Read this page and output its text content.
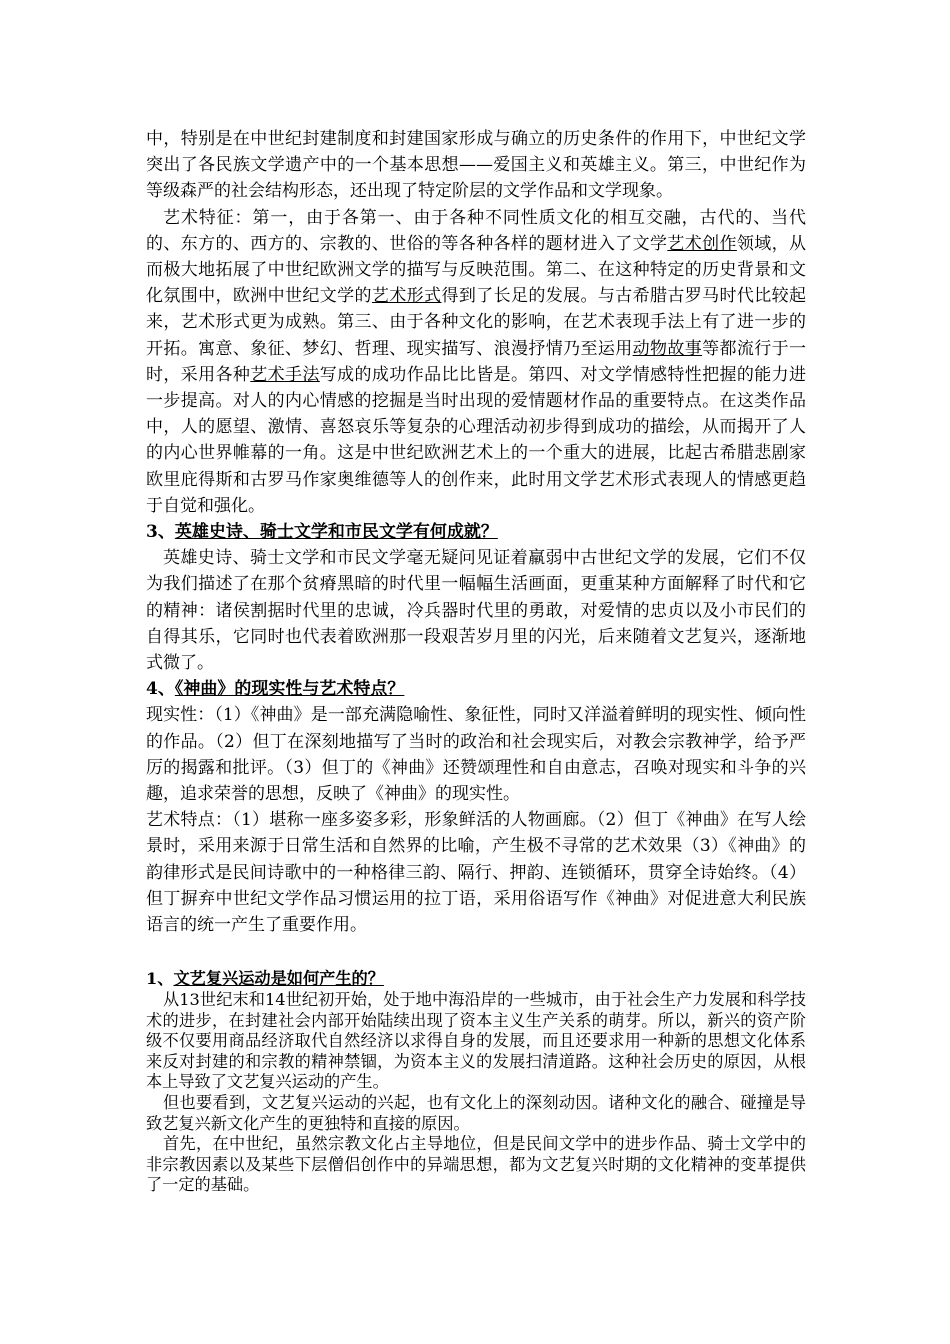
中，特别是在中世纪封建制度和封建国家形成与确立的历史条件的作用下，中世纪文学突出了各民族文学遗产中的一个基本思想——爱国主义和英雄主义。第三，中世纪作为等级森严的社会结构形态，还出现了特定阶层的文学作品和文学现象。

艺术特征：第一，由于各第一、由于各种不同性质文化的相互交融，古代的、当代的、东方的、西方的、宗教的、世俗的等各种各样的题材进入了文学艺术创作领域，从而极大地拓展了中世纪欧洲文学的描写与反映范围。第二、在这种特定的历史背景和文化氛围中，欧洲中世纪文学的艺术形式得到了长足的发展。与古希腊古罗马时代比较起来，艺术形式更为成熟。第三、由于各种文化的影响，在艺术表现手法上有了进一步的开拓。寓意、象征、梦幻、哲理、现实描写、浪漫抒情乃至运用动物故事等都流行于一时，采用各种艺术手法写成的成功作品比比皆是。第四、对文学情感特性把握的能力进一步提高。对人的内心情感的挖掘是当时出现的爱情题材作品的重要特点。在这类作品中，人的愿望、激情、喜怒哀乐等复杂的心理活动初步得到成功的描绘，从而揭开了人的内心世界帷幕的一角。这是中世纪欧洲艺术上的一个重大的进展，比起古希腊悲剧家欧里庇得斯和古罗马作家奥维德等人的创作来，此时用文学艺术形式表现人的情感更趋于自觉和强化。

3、英雄史诗、骑士文学和市民文学有何成就？

英雄史诗、骑士文学和市民文学毫无疑问见证着羸弱中古世纪文学的发展，它们不仅为我们描述了在那个贫瘠黑暗的时代里一幅幅生活画面，更重某种方面解释了时代和它的精神：诸侯割据时代里的忠诚，冷兵器时代里的勇敢，对爱情的忠贞以及小市民们的自得其乐，它同时也代表着欧洲那一段艰苦岁月里的闪光，后来随着文艺复兴，逐渐地式微了。

4、《神曲》的现实性与艺术特点？

现实性：（1）《神曲》是一部充满隐喻性、象征性，同时又洋溢着鲜明的现实性、倾向性的作品。（2）但丁在深刻地描写了当时的政治和社会现实后，对教会宗教神学，给予严厉的揭露和批评。（3）但丁的《神曲》还赞颂理性和自由意志，召唤对现实和斗争的兴趣，追求荣誉的思想，反映了《神曲》的现实性。

艺术特点：（1）堪称一座多姿多彩，形象鲜活的人物画廊。（2）但丁《神曲》在写人绘景时，采用来源于日常生活和自然界的比喻，产生极不寻常的艺术效果（3）《神曲》的韵律形式是民间诗歌中的一种格律三韵、隔行、押韵、连锁循环，贯穿全诗始终。（4）但丁摒弃中世纪文学作品习惯运用的拉丁语，采用俗语写作《神曲》对促进意大利民族语言的统一产生了重要作用。

1、文艺复兴运动是如何产生的？

从13世纪末和14世纪初开始，处于地中海沿岸的一些城市，由于社会生产力发展和科学技术的进步，在封建社会内部开始陆续出现了资本主义生产关系的萌芽。所以，新兴的资产阶级不仅要用商品经济取代自然经济以求得自身的发展，而且还要求用一种新的思想文化体系来反对封建的和宗教的精神禁锢，为资本主义的发展扫清道路。这种社会历史的原因，从根本上导致了文艺复兴运动的产生。

但也要看到，文艺复兴运动的兴起，也有文化上的深刻动因。诸种文化的融合、碰撞是导致艺复兴新文化产生的更独特和直接的原因。

首先，在中世纪，虽然宗教文化占主导地位，但是民间文学中的进步作品、骑士文学中的非宗教因素以及某些下层僧侣创作中的异端思想，都为文艺复兴时期的文化精神的变革提供了一定的基础。
